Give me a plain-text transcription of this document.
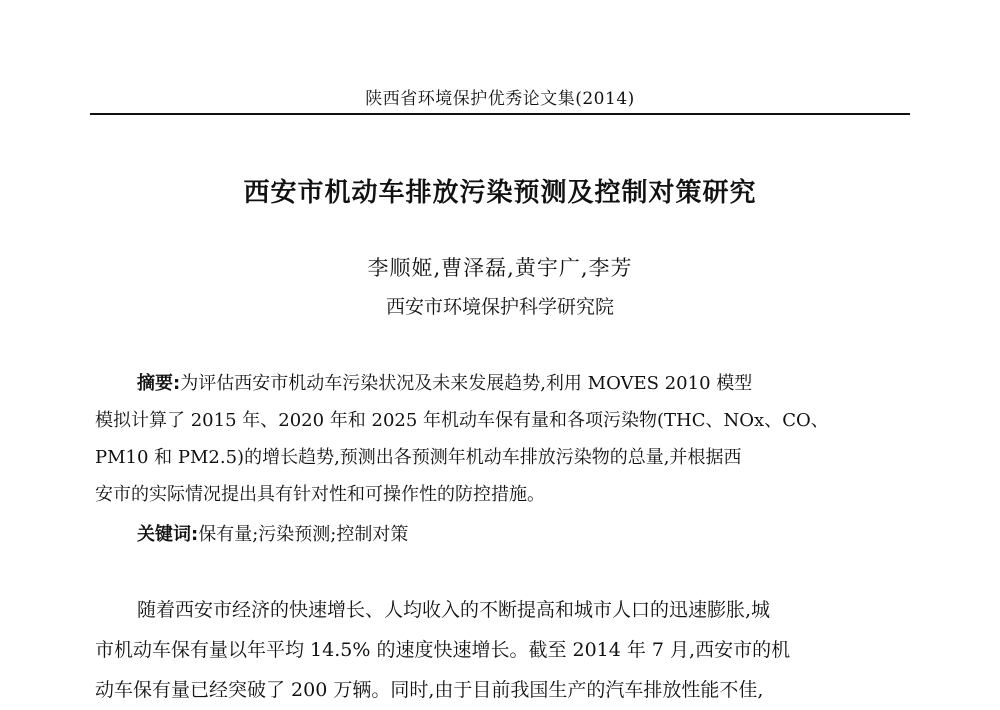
陕西省环境保护优秀论文集(2014)
西安市机动车排放污染预测及控制对策研究
李顺姬,曹泽磊,黄宇广,李芳
西安市环境保护科学研究院
摘要:为评估西安市机动车污染状况及未来发展趋势,利用 MOVES 2010 模型
模拟计算了 2015 年、2020 年和 2025 年机动车保有量和各项污染物(THC、NOx、CO、
PM10 和 PM2.5)的增长趋势,预测出各预测年机动车排放污染物的总量,并根据西
安市的实际情况提出具有针对性和可操作性的防控措施。
关键词:保有量;污染预测;控制对策
随着西安市经济的快速增长、人均收入的不断提高和城市人口的迅速膨胀,城
市机动车保有量以年平均 14.5% 的速度快速增长。截至 2014 年 7 月,西安市的机
动车保有量已经突破了 200 万辆。同时,由于目前我国生产的汽车排放性能不佳,
